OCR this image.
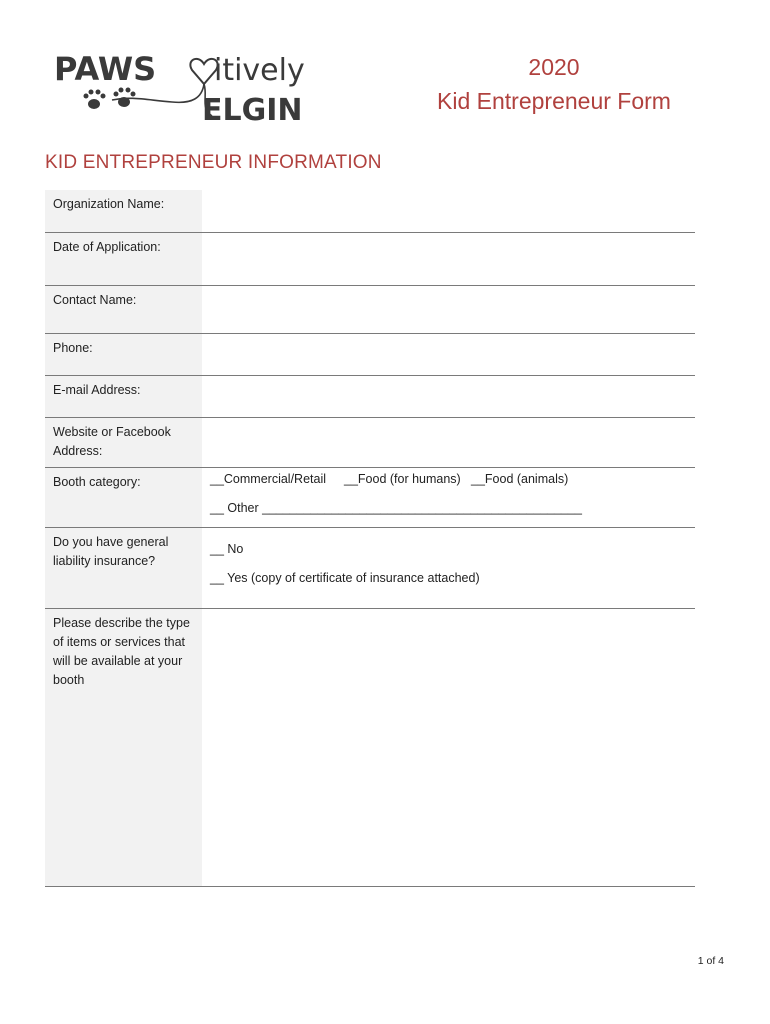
PAWS itively
ELGIN
2020
Kid Entrepreneur Form
KID ENTREPRENEUR INFORMATION
Organization Name:
Date of Application:
Contact Name:
Phone:
E-mail Address:
Website or Facebook
Address:
Booth category:	__Commercial/Retail __Food (for humans) __Food (animals)
__ Other ______________________________________________
Do you have general
liability insurance?
__ No
__ Yes (copy of certificate of insurance attached)
Please describe the type
of items or services that
will be available at your
booth
1 of 4
